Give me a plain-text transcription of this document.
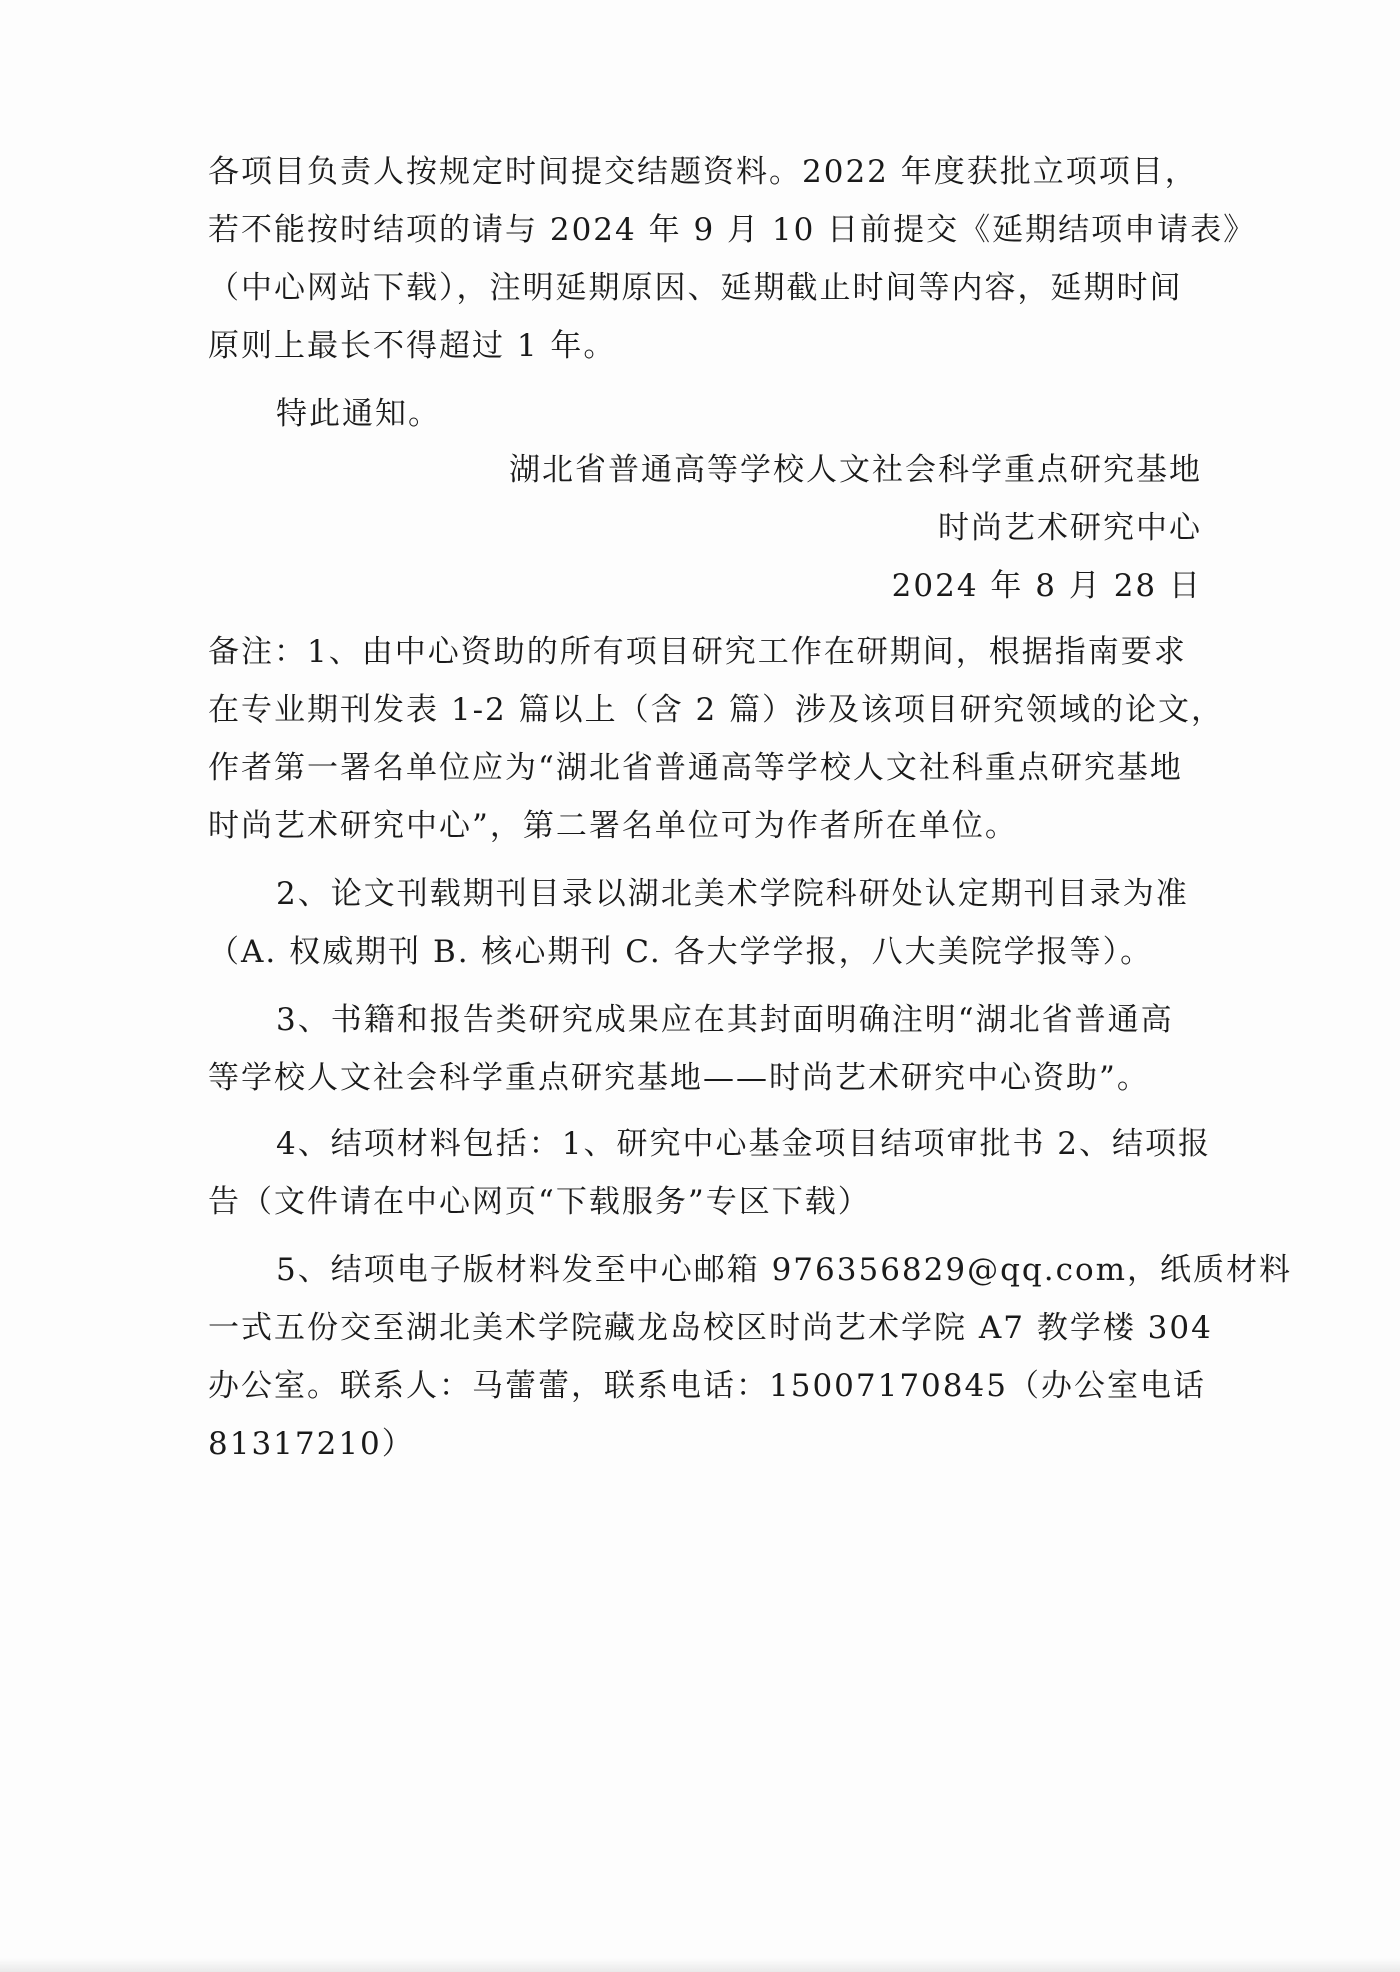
各项目负责人按规定时间提交结题资料。2022 年度获批立项项目，
若不能按时结项的请与 2024 年 9 月 10 日前提交《延期结项申请表》
（中心网站下载），注明延期原因、延期截止时间等内容，延期时间
原则上最长不得超过 1 年。
特此通知。
湖北省普通高等学校人文社会科学重点研究基地
时尚艺术研究中心
2024 年 8 月 28 日
备注：1、由中心资助的所有项目研究工作在研期间，根据指南要求
在专业期刊发表 1-2 篇以上（含 2 篇）涉及该项目研究领域的论文，
作者第一署名单位应为“湖北省普通高等学校人文社科重点研究基地
时尚艺术研究中心”，第二署名单位可为作者所在单位。
2、论文刊载期刊目录以湖北美术学院科研处认定期刊目录为准
（A. 权威期刊 B. 核心期刊 C. 各大学学报，八大美院学报等）。
3、书籍和报告类研究成果应在其封面明确注明“湖北省普通高
等学校人文社会科学重点研究基地——时尚艺术研究中心资助”。
4、结项材料包括：1、研究中心基金项目结项审批书 2、结项报
告（文件请在中心网页“下载服务”专区下载）
5、结项电子版材料发至中心邮箱 976356829@qq.com，纸质材料
一式五份交至湖北美术学院藏龙岛校区时尚艺术学院 A7 教学楼 304
办公室。联系人：马蕾蕾，联系电话：15007170845（办公室电话
81317210）
